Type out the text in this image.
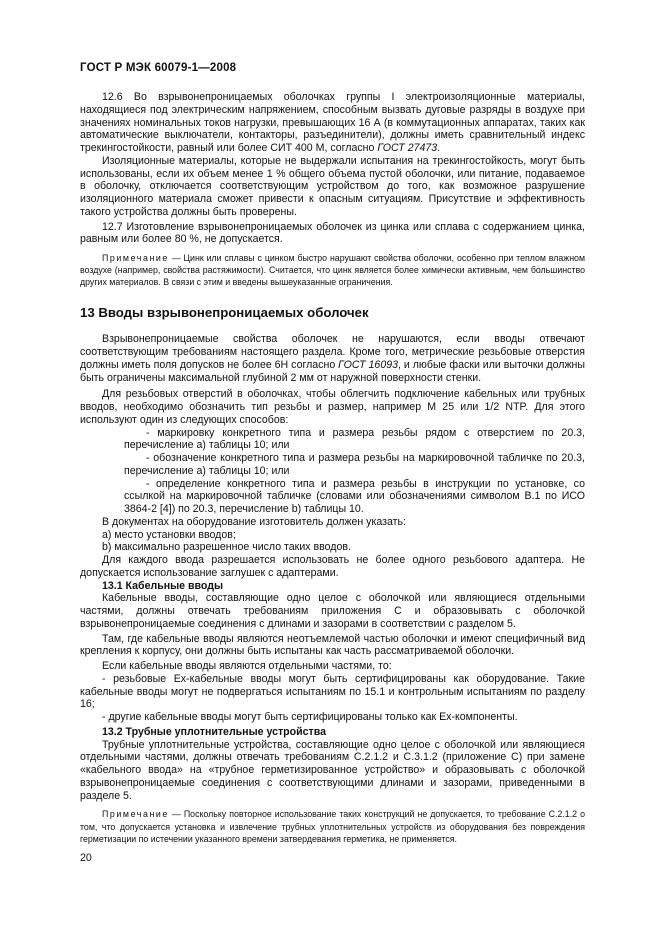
ГОСТ Р МЭК 60079-1—2008

12.6 Во взрывонепроницаемых оболочках группы I электроизоляционные материалы, находящиеся под электрическим напряжением, способным вызвать дуговые разряды в воздухе при значениях номинальных токов нагрузки, превышающих 16 А (в коммутационных аппаратах, таких как автоматические выключатели, контакторы, разъединители), должны иметь сравнительный индекс трекингостойкости, равный или более СИТ 400 М, согласно ГОСТ 27473.

Изоляционные материалы, которые не выдержали испытания на трекингостойкость, могут быть использованы, если их объем менее 1 % общего объема пустой оболочки, или питание, подаваемое в оболочку, отключается соответствующим устройством до того, как возможное разрушение изоляционного материала сможет привести к опасным ситуациям. Присутствие и эффективность такого устройства должны быть проверены.

12.7 Изготовление взрывонепроницаемых оболочек из цинка или сплава с содержанием цинка, равным или более 80 %, не допускается.

Примечание — Цинк или сплавы с цинком быстро нарушают свойства оболочки, особенно при теплом влажном воздухе (например, свойства растяжимости). Считается, что цинк является более химически активным, чем большинство других материалов. В связи с этим и введены вышеуказанные ограничения.

13 Вводы взрывонепроницаемых оболочек

Взрывонепроницаемые свойства оболочек не нарушаются, если вводы отвечают соответствующим требованиям настоящего раздела. Кроме того, метрические резьбовые отверстия должны иметь поля допусков не более 6Н согласно ГОСТ 16093, и любые фаски или выточки должны быть ограничены максимальной глубиной 2 мм от наружной поверхности стенки.

Для резьбовых отверстий в оболочках, чтобы облегчить подключение кабельных или трубных вводов, необходимо обозначить тип резьбы и размер, например М 25 или 1/2 NTP. Для этого используют один из следующих способов:

- маркировку конкретного типа и размера резьбы рядом с отверстием по 20.3, перечисление а) таблицы 10; или

- обозначение конкретного типа и размера резьбы на маркировочной табличке по 20.3, перечисление а) таблицы 10; или

- определение конкретного типа и размера резьбы в инструкции по установке, со ссылкой на маркировочной табличке (словами или обозначениями символом В.1 по ИСО 3864-2 [4]) по 20.3, перечисление b) таблицы 10.

В документах на оборудование изготовитель должен указать:

а) место установки вводов;

b) максимально разрешенное число таких вводов.

Для каждого ввода разрешается использовать не более одного резьбового адаптера. Не допускается использование заглушек с адаптерами.

13.1 Кабельные вводы

Кабельные вводы, составляющие одно целое с оболочкой или являющиеся отдельными частями, должны отвечать требованиям приложения С и образовывать с оболочкой взрывонепроницаемые соединения с длинами и зазорами в соответствии с разделом 5.

Там, где кабельные вводы являются неотъемлемой частью оболочки и имеют специфичный вид крепления к корпусу, они должны быть испытаны как часть рассматриваемой оболочки.

Если кабельные вводы являются отдельными частями, то:

- резьбовые Ex-кабельные вводы могут быть сертифицированы как оборудование. Такие кабельные вводы могут не подвергаться испытаниям по 15.1 и контрольным испытаниям по разделу 16;

- другие кабельные вводы могут быть сертифицированы только как Ex-компоненты.

13.2 Трубные уплотнительные устройства

Трубные уплотнительные устройства, составляющие одно целое с оболочкой или являющиеся отдельными частями, должны отвечать требованиям С.2.1.2 и С.3.1.2 (приложение С) при замене «кабельного ввода» на «трубное герметизированное устройство» и образовывать с оболочкой взрывонепроницаемые соединения с соответствующими длинами и зазорами, приведенными в разделе 5.

Примечание — Поскольку повторное использование таких конструкций не допускается, то требование С.2.1.2 о том, что допускается установка и извлечение трубных уплотнительных устройств из оборудования без повреждения герметизации по истечении указанного времени затвердевания герметика, не применяется.

20
